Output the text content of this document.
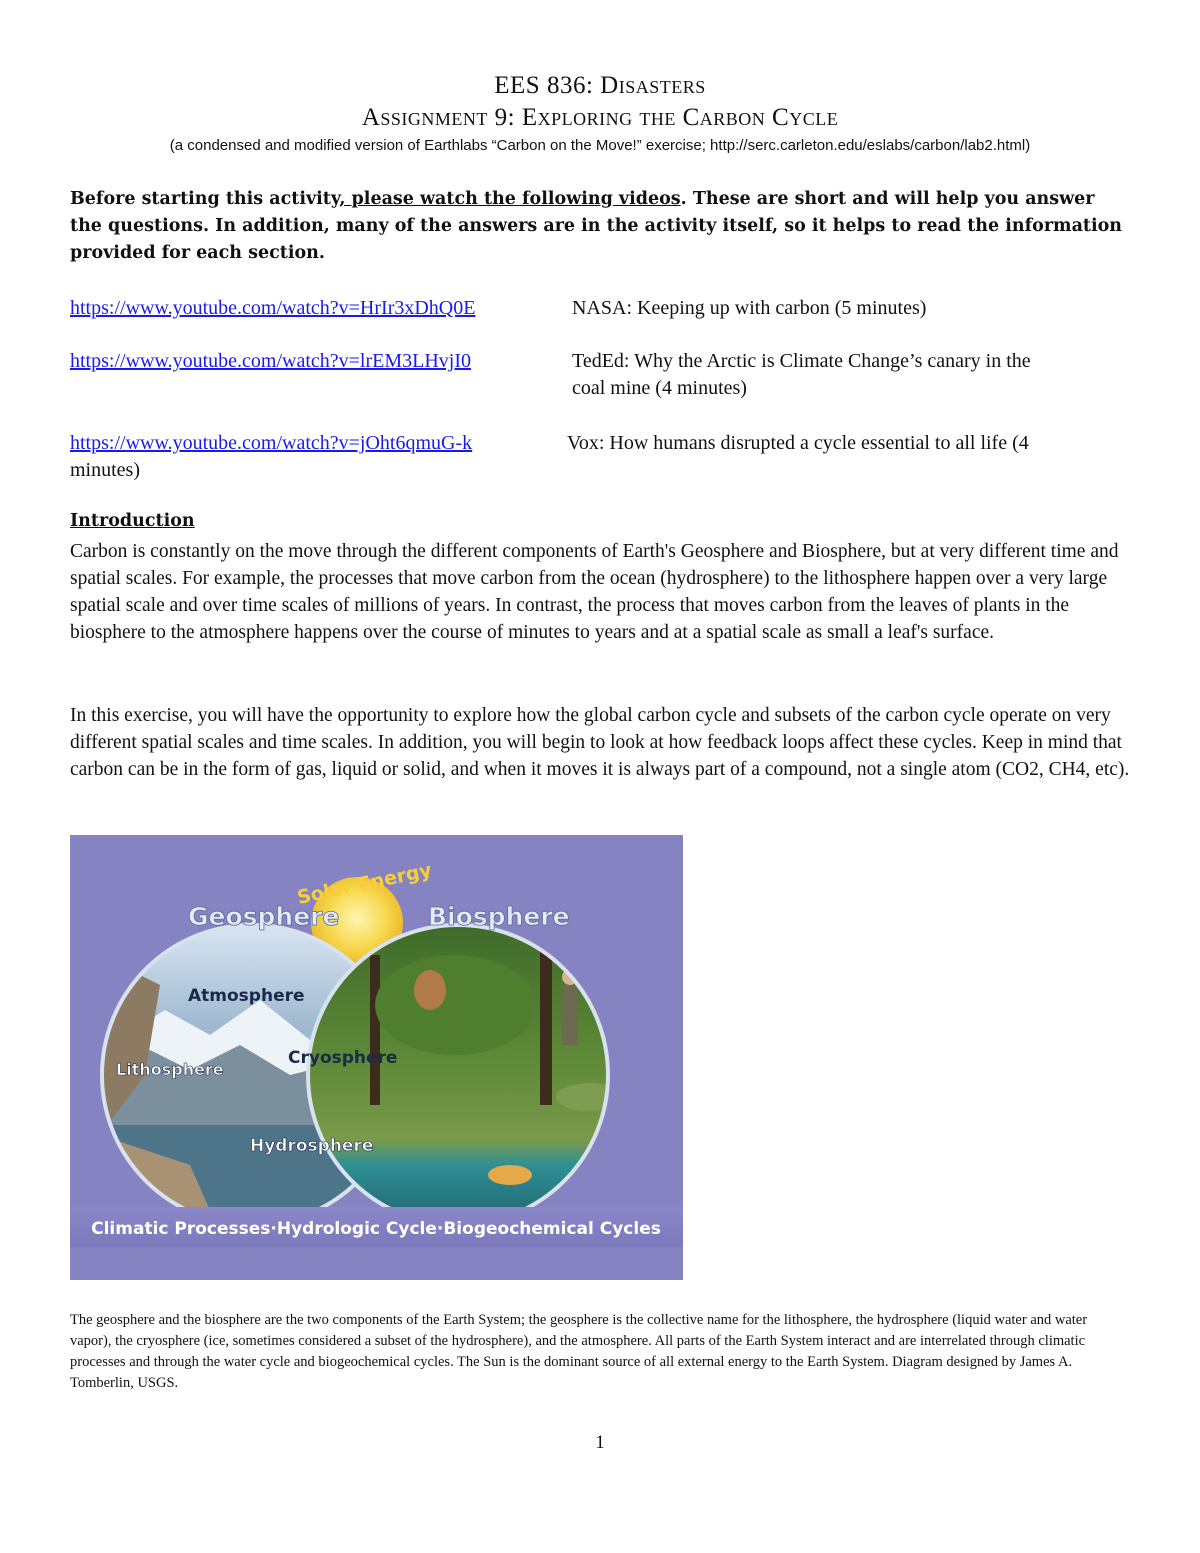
EES 836: Disasters
Assignment 9: Exploring the Carbon Cycle
(a condensed and modified version of Earthlabs “Carbon on the Move!” exercise; http://serc.carleton.edu/eslabs/carbon/lab2.html)
Before starting this activity, please watch the following videos. These are short and will help you answer the questions. In addition, many of the answers are in the activity itself, so it helps to read the information provided for each section.
https://www.youtube.com/watch?v=HrIr3xDhQ0E	NASA: Keeping up with carbon (5 minutes)
https://www.youtube.com/watch?v=lrEM3LHvjI0	TedEd: Why the Arctic is Climate Change’s canary in the
coal mine (4 minutes)
https://www.youtube.com/watch?v=jOht6qmuG-k	Vox: How humans disrupted a cycle essential to all life (4
minutes)
Introduction
Carbon is constantly on the move through the different components of Earth's Geosphere and Biosphere, but at very different time and spatial scales. For example, the processes that move carbon from the ocean (hydrosphere) to the lithosphere happen over a very large spatial scale and over time scales of millions of years. In contrast, the process that moves carbon from the leaves of plants in the biosphere to the atmosphere happens over the course of minutes to years and at a spatial scale as small a leaf's surface.
In this exercise, you will have the opportunity to explore how the global carbon cycle and subsets of the carbon cycle operate on very different spatial scales and time scales. In addition, you will begin to look at how feedback loops affect these cycles. Keep in mind that carbon can be in the form of gas, liquid or solid, and when it moves it is always part of a compound, not a single atom (CO2, CH4, etc).
Solar Energy
Geosphere	Biosphere
Atmosphere
Lithosphere
Cryosphere
Hydrosphere
Climatic Processes·Hydrologic Cycle·Biogeochemical Cycles
The geosphere and the biosphere are the two components of the Earth System; the geosphere is the collective name for the lithosphere, the hydrosphere (liquid water and water vapor), the cryosphere (ice, sometimes considered a subset of the hydrosphere), and the atmosphere. All parts of the Earth System interact and are interrelated through climatic processes and through the water cycle and biogeochemical cycles. The Sun is the dominant source of all external energy to the Earth System. Diagram designed by James A. Tomberlin, USGS.
1
